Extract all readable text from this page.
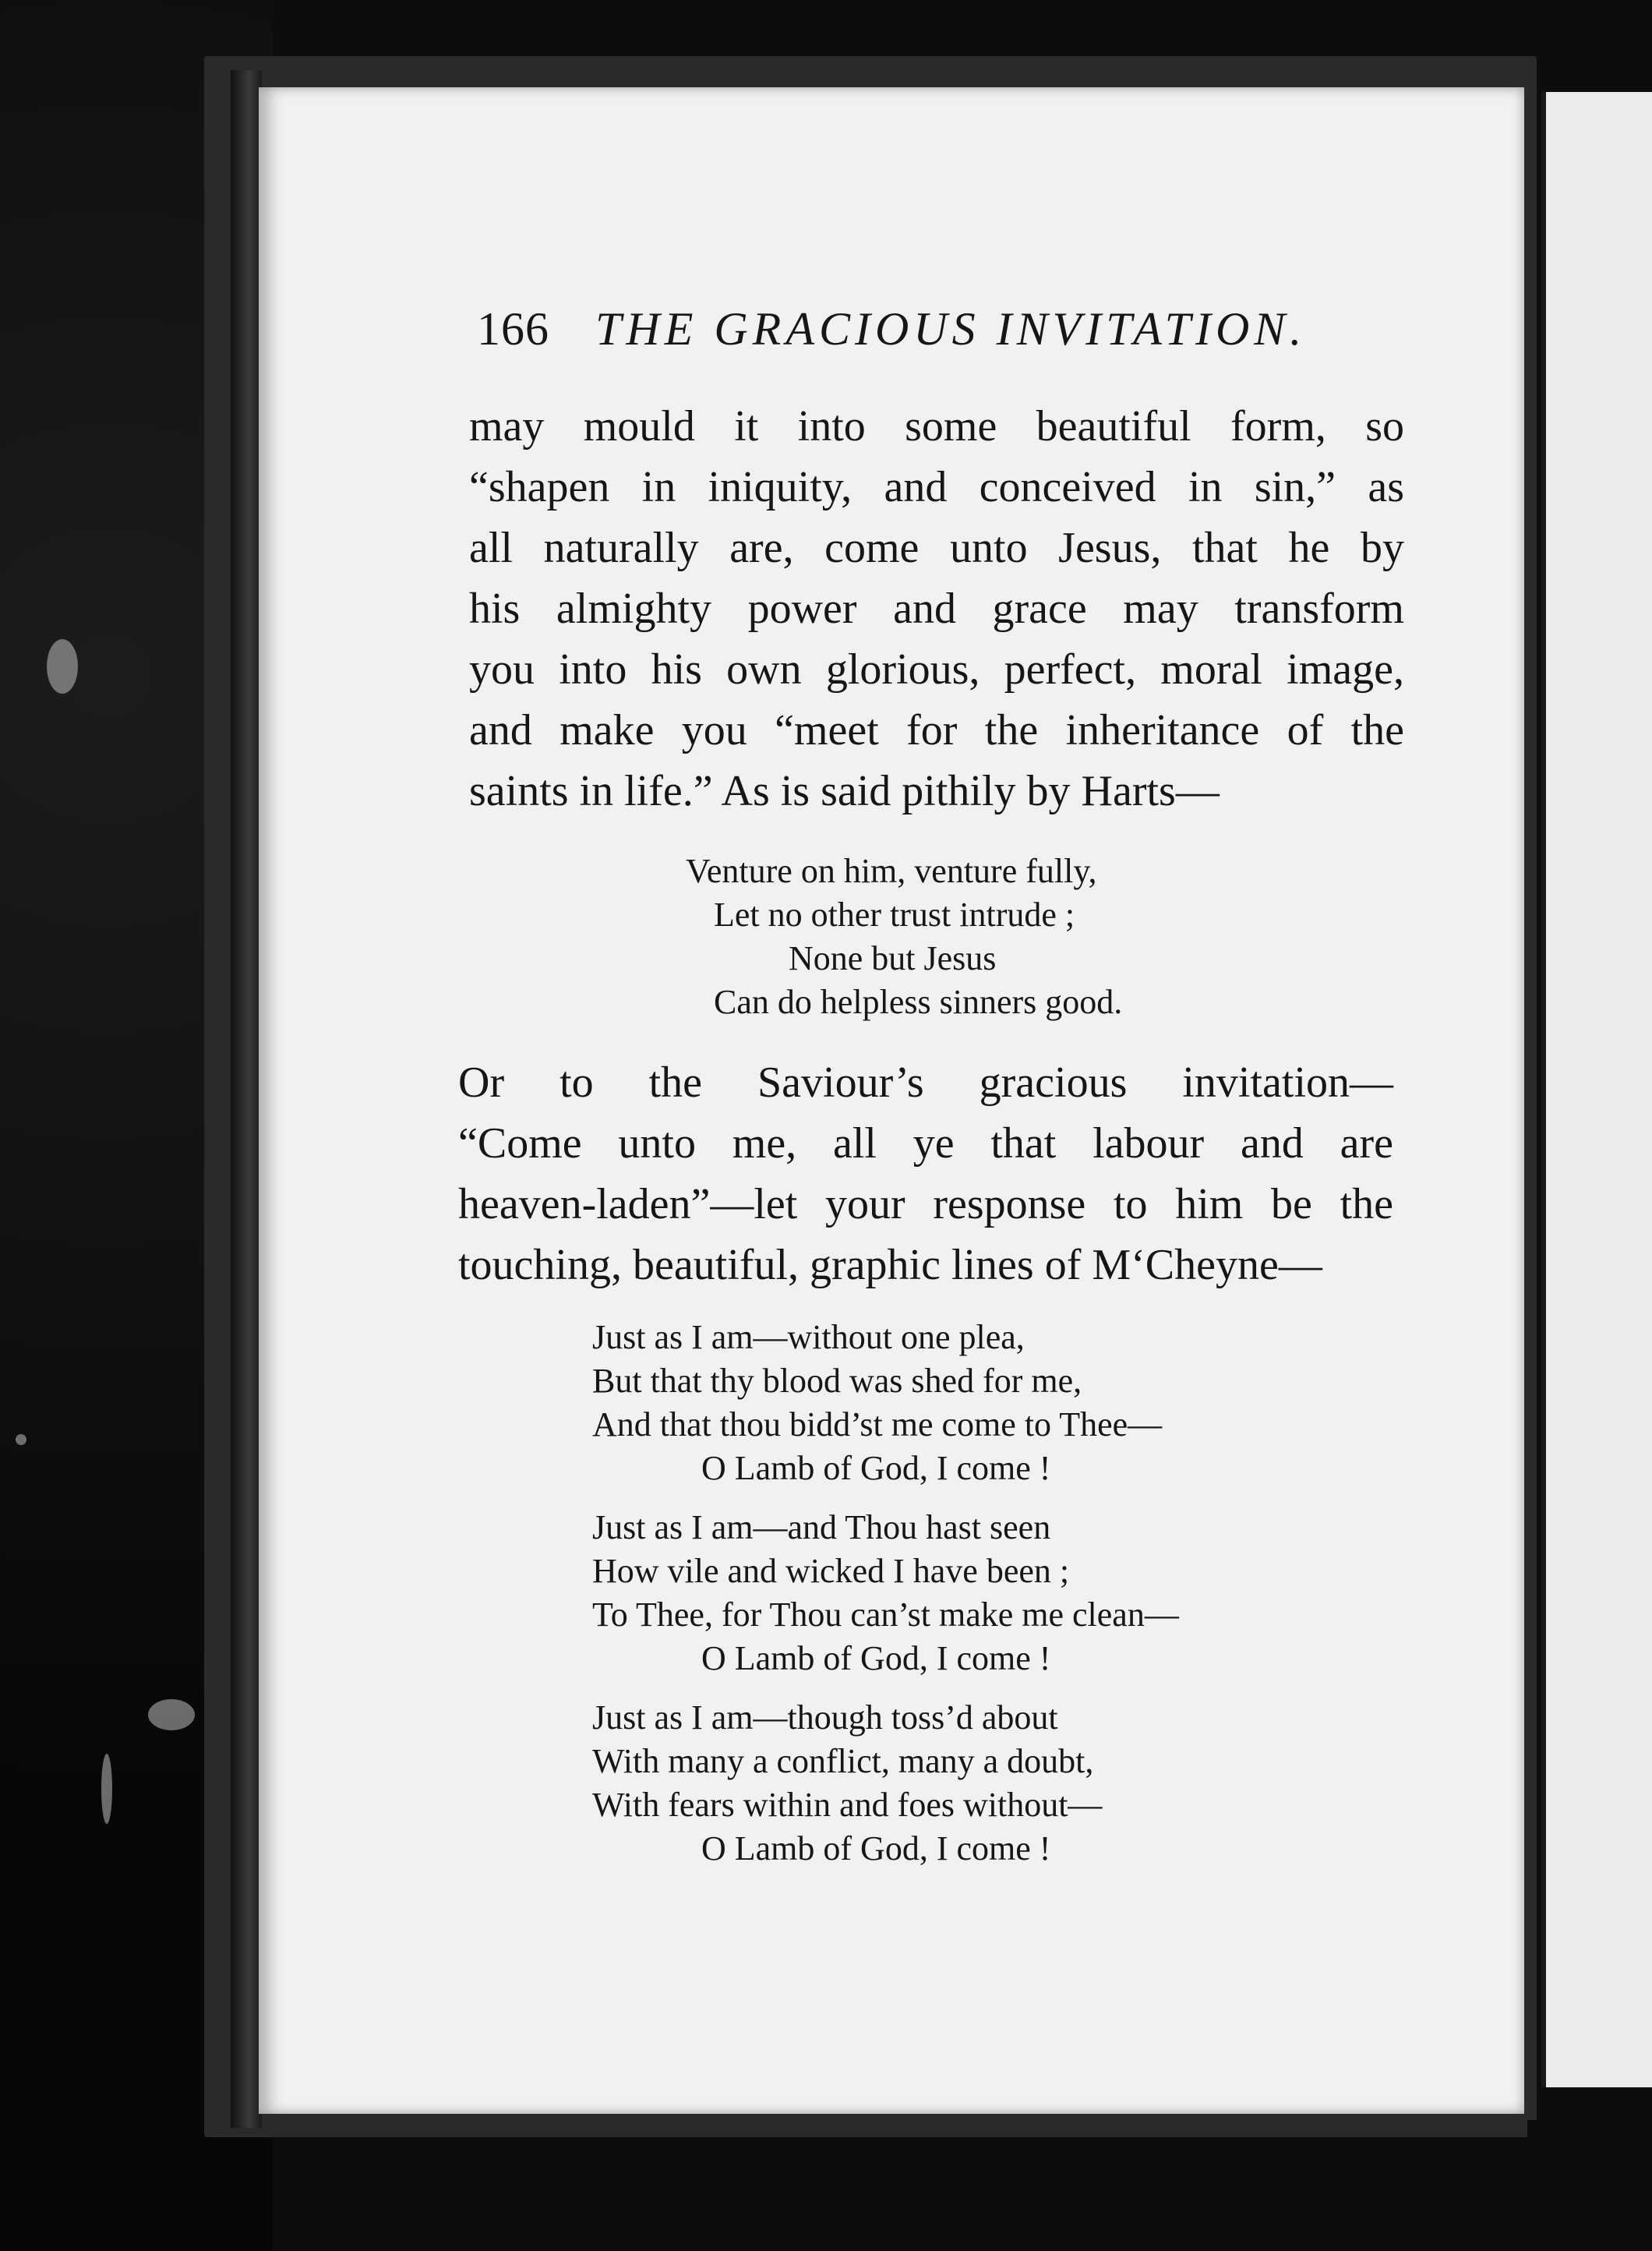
166 THE GRACIOUS INVITATION.
may mould it into some beautiful form, so
“shapen in iniquity, and conceived in sin,” as
all naturally are, come unto Jesus, that he by
his almighty power and grace may transform
you into his own glorious, perfect, moral image,
and make you “meet for the inheritance of the
saints in life.” As is said pithily by Harts—
Venture on him, venture fully,
Let no other trust intrude ;
None but Jesus
Can do helpless sinners good.
Or to the Saviour’s gracious invitation—
“Come unto me, all ye that labour and are
heaven-laden”—let your response to him be the
touching, beautiful, graphic lines of M‘Cheyne—
Just as I am—without one plea,
But that thy blood was shed for me,
And that thou bidd’st me come to Thee—
O Lamb of God, I come !
Just as I am—and Thou hast seen
How vile and wicked I have been ;
To Thee, for Thou can’st make me clean—
O Lamb of God, I come !
Just as I am—though toss’d about
With many a conflict, many a doubt,
With fears within and foes without—
O Lamb of God, I come !
